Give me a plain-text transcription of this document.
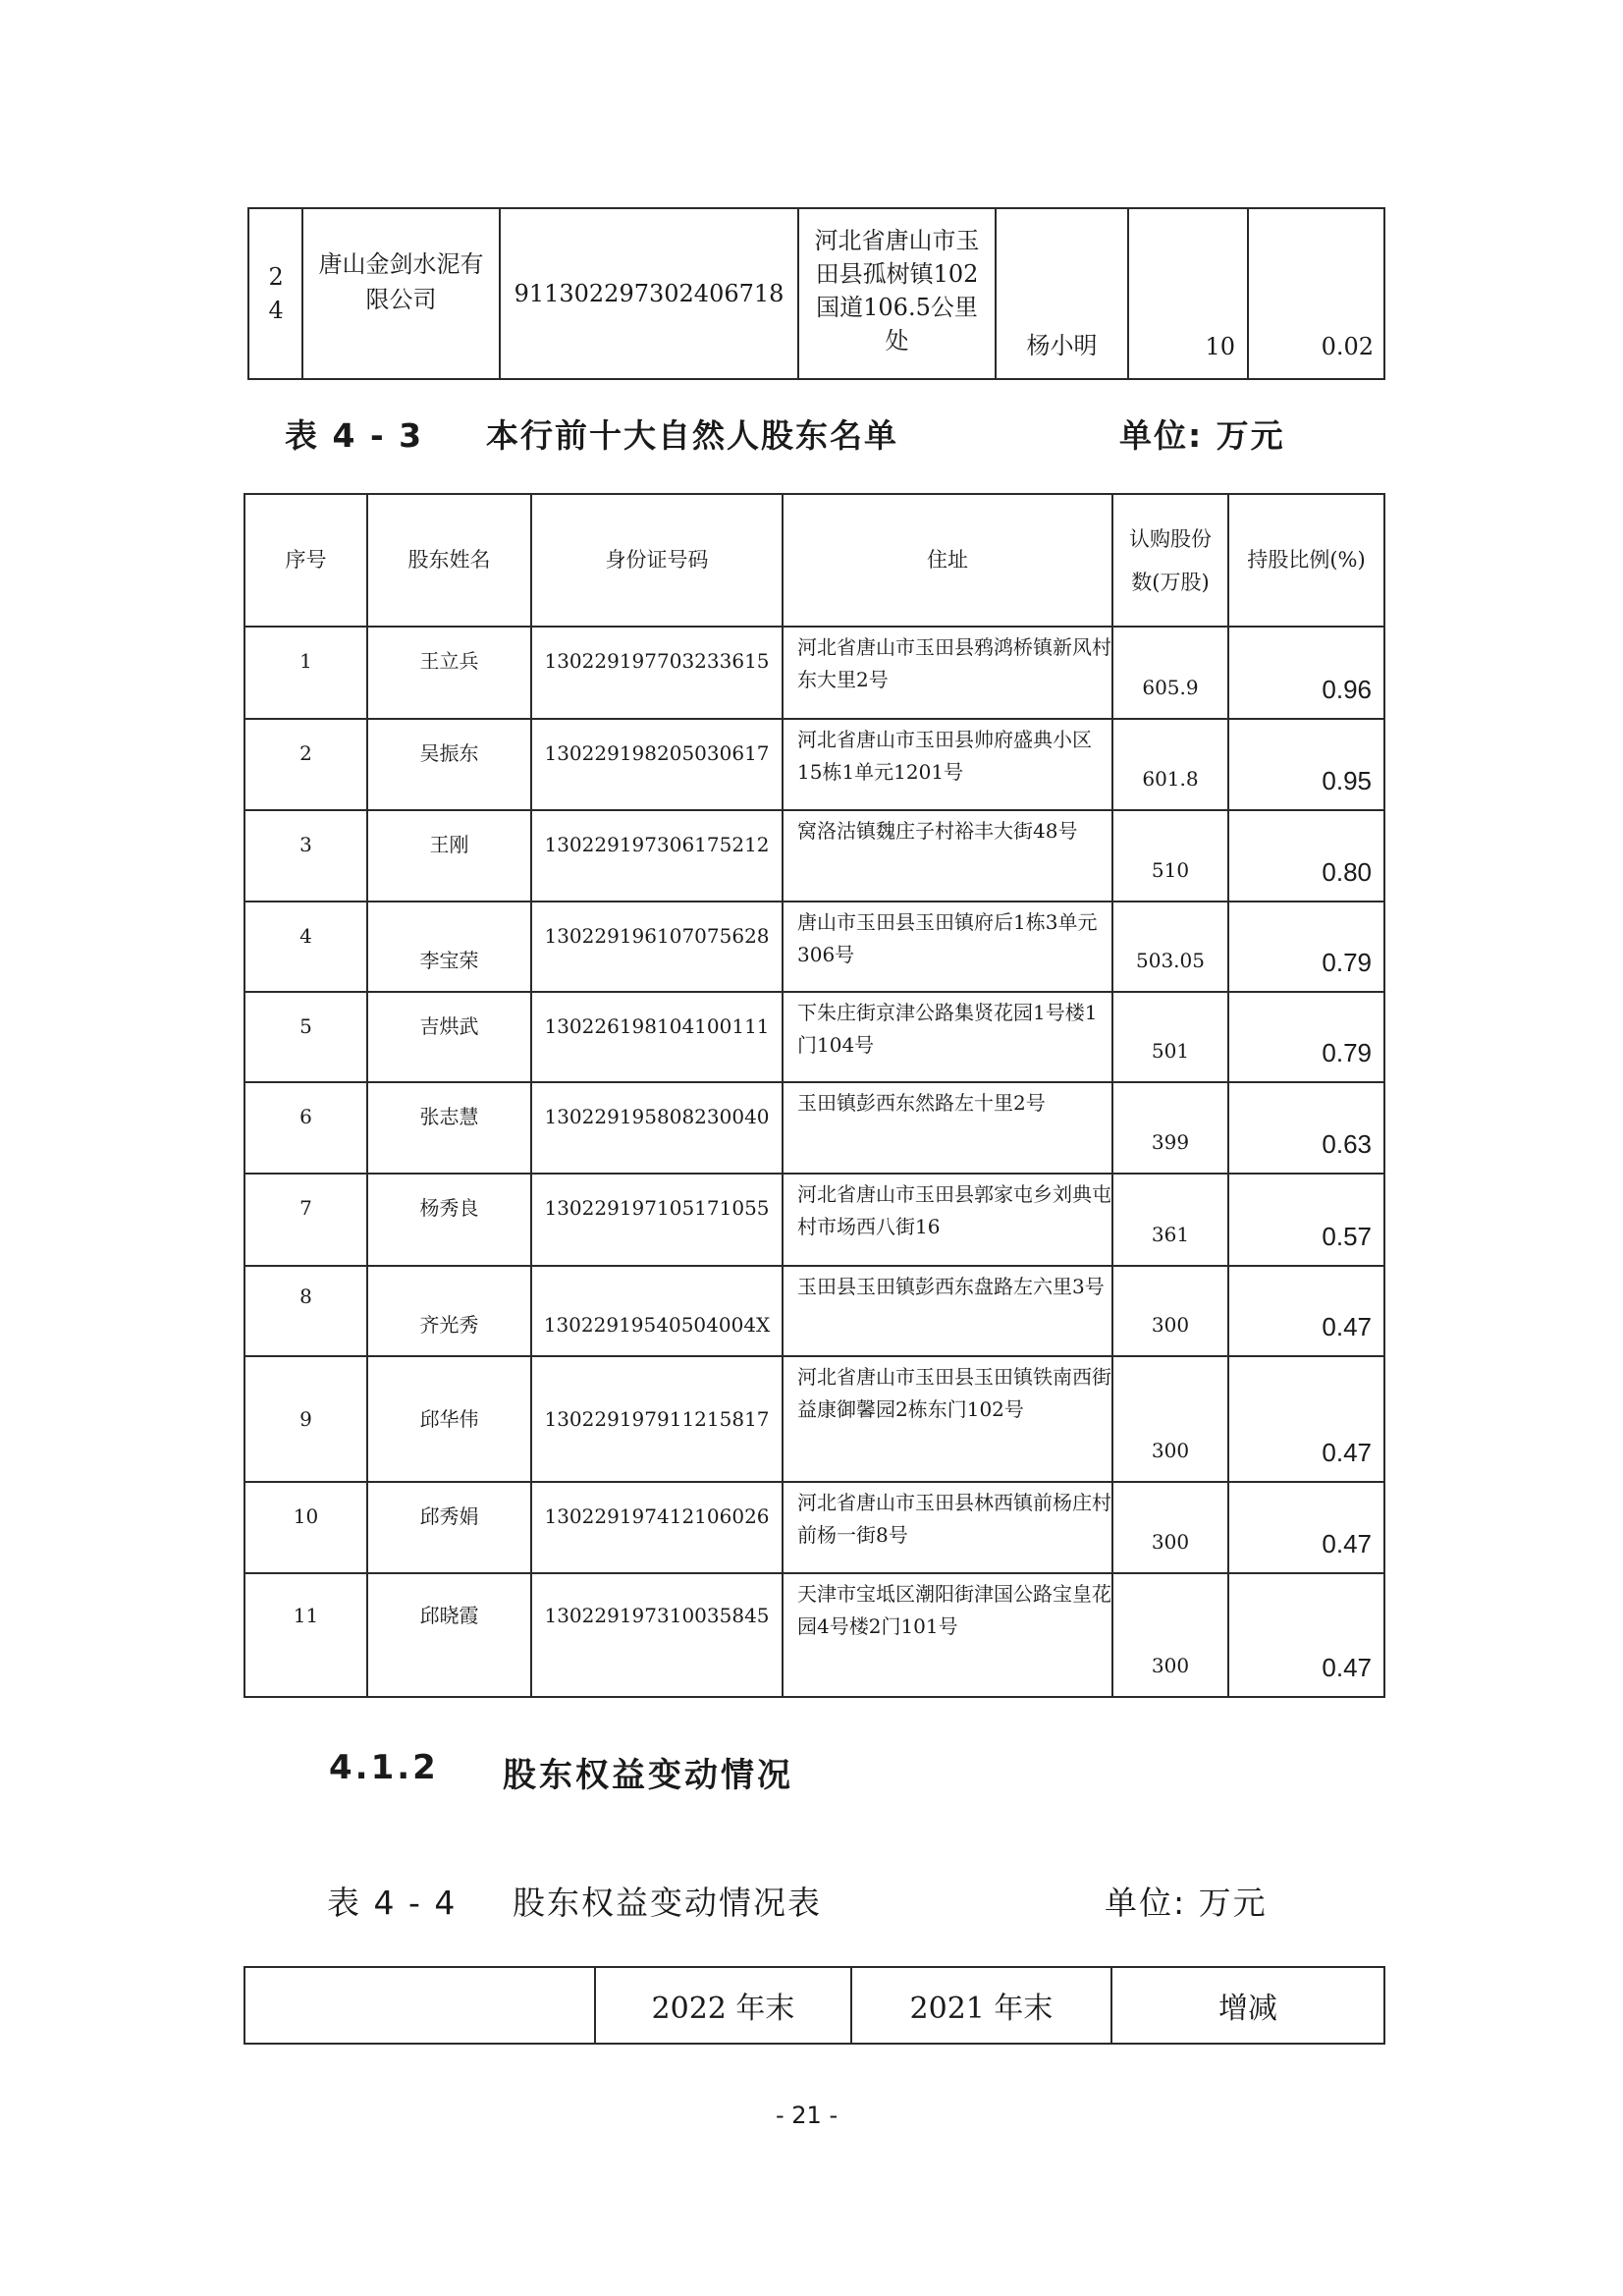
2 4	唐山金剑水泥有限公司	911302297302406718	河北省唐山市玉田县孤树镇102国道106.5公里处	杨小明	10	0.02
表 4 - 3 本行前十大自然人股东名单	单位: 万元
序号	股东姓名	身份证号码	住址	认购股份数(万股)	持股比例(%)
1	王立兵	130229197703233615	河北省唐山市玉田县鸦鸿桥镇新风村东大里2号	605.9	0.96
2	吴振东	130229198205030617	河北省唐山市玉田县帅府盛典小区15栋1单元1201号	601.8	0.95
3	王刚	130229197306175212	窝洛沽镇魏庄子村裕丰大街48号	510	0.80
4	李宝荣	130229196107075628	唐山市玉田县玉田镇府后1栋3单元306号	503.05	0.79
5	吉烘武	130226198104100111	下朱庄街京津公路集贤花园1号楼1门104号	501	0.79
6	张志慧	130229195808230040	玉田镇彭西东然路左十里2号	399	0.63
7	杨秀良	130229197105171055	河北省唐山市玉田县郭家屯乡刘典屯村市场西八街16	361	0.57
8	齐光秀	13022919540504004X	玉田县玉田镇彭西东盘路左六里3号	300	0.47
9	邱华伟	130229197911215817	河北省唐山市玉田县玉田镇铁南西街益康御馨园2栋东门102号	300	0.47
10	邱秀娟	130229197412106026	河北省唐山市玉田县林西镇前杨庄村前杨一街8号	300	0.47
11	邱晓霞	130229197310035845	天津市宝坻区潮阳街津国公路宝皇花园4号楼2门101号	300	0.47
4.1.2 股东权益变动情况
表 4 - 4 股东权益变动情况表	单位: 万元
	2022 年末	2021 年末	增减
- 21 -
